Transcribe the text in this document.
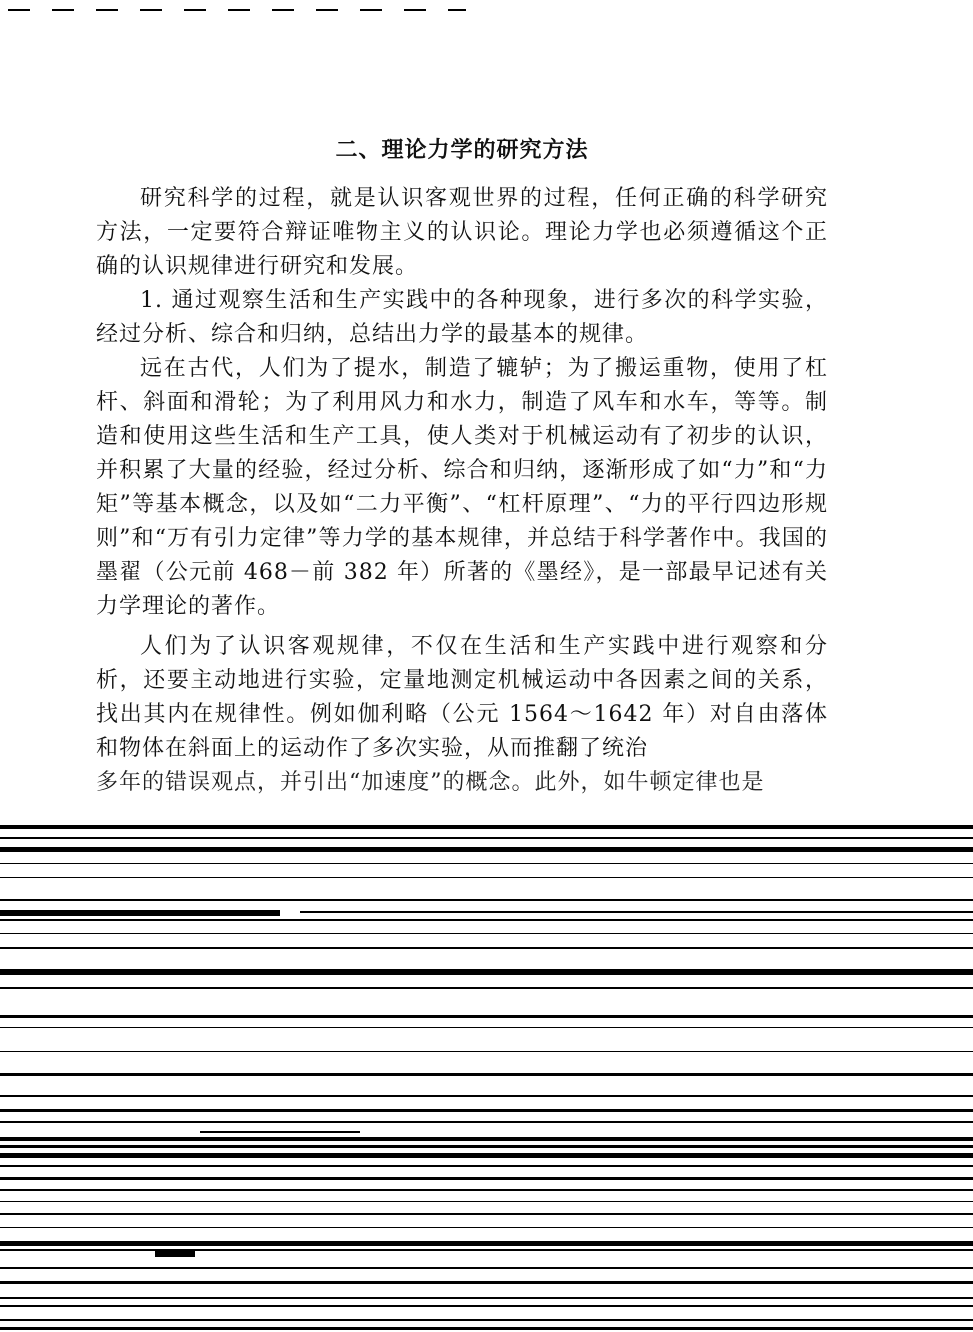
二、理论力学的研究方法

研究科学的过程，就是认识客观世界的过程，任何正确的科学研究方法，一定要符合辩证唯物主义的认识论。理论力学也必须遵循这个正确的认识规律进行研究和发展。

1. 通过观察生活和生产实践中的各种现象，进行多次的科学实验，经过分析、综合和归纳，总结出力学的最基本的规律。

远在古代，人们为了提水，制造了辘轳；为了搬运重物，使用了杠杆、斜面和滑轮；为了利用风力和水力，制造了风车和水车，等等。制造和使用这些生活和生产工具，使人类对于机械运动有了初步的认识，并积累了大量的经验，经过分析、综合和归纳，逐渐形成了如“力”和“力矩”等基本概念，以及如“二力平衡”、“杠杆原理”、“力的平行四边形规则”和“万有引力定律”等力学的基本规律，并总结于科学著作中。我国的墨翟（公元前 468－前 382 年）所著的《墨经》，是一部最早记述有关力学理论的著作。

人们为了认识客观规律，不仅在生活和生产实践中进行观察和分析，还要主动地进行实验，定量地测定机械运动中各因素之间的关系，找出其内在规律性。例如伽利略（公元 1564～1642 年）对自由落体和物体在斜面上的运动作了多次实验，从而推翻了统治

多年的错误观点，并引出“加速度”的概念。此外，如牛顿定律也是
